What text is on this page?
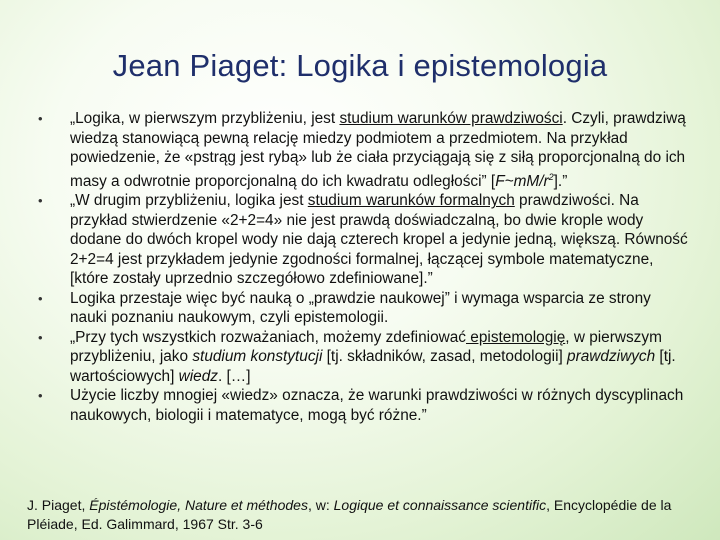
Jean Piaget: Logika i epistemologia
• „Logika, w pierwszym przybliżeniu, jest studium warunków prawdziwości. Czyli, prawdziwą wiedzą stanowiącą pewną relację miedzy podmiotem a przedmiotem. Na przykład powiedzenie, że «pstrąg jest rybą» lub że ciała przyciągają się z siłą proporcjonalną do ich masy a odwrotnie proporcjonalną do ich kwadratu odległości” $[F\sim mM/r^2]$.”
• „W drugim przybliżeniu, logika jest studium warunków formalnych prawdziwości. Na przykład stwierdzenie «2+2=4» nie jest prawdą doświadczalną, bo dwie krople wody dodane do dwóch kropel wody nie dają czterech kropel a jedynie jedną, większą. Równość 2+2=4 jest przykładem jedynie zgodności formalnej, łączącej symbole matematyczne, [które zostały uprzednio szczegółowo zdefiniowane].”
• Logika przestaje więc być nauką o „prawdzie naukowej” i wymaga wsparcia ze strony nauki poznaniu naukowym, czyli epistemologii.
• „Przy tych wszystkich rozważaniach, możemy zdefiniować epistemologię, w pierwszym przybliżeniu, jako studium konstytucji [tj. składników, zasad, metodologii] prawdziwych [tj. wartościowych] wiedz. […]
• Użycie liczby mnogiej «wiedz» oznacza, że warunki prawdziwości w różnych dyscyplinach naukowych, biologii i matematyce, mogą być różne.”
J. Piaget, Épistémologie, Nature et méthodes, w: Logique et connaissance scientific, Encyclopédie de la Pléiade, Ed. Galimmard, 1967 Str. 3-6
